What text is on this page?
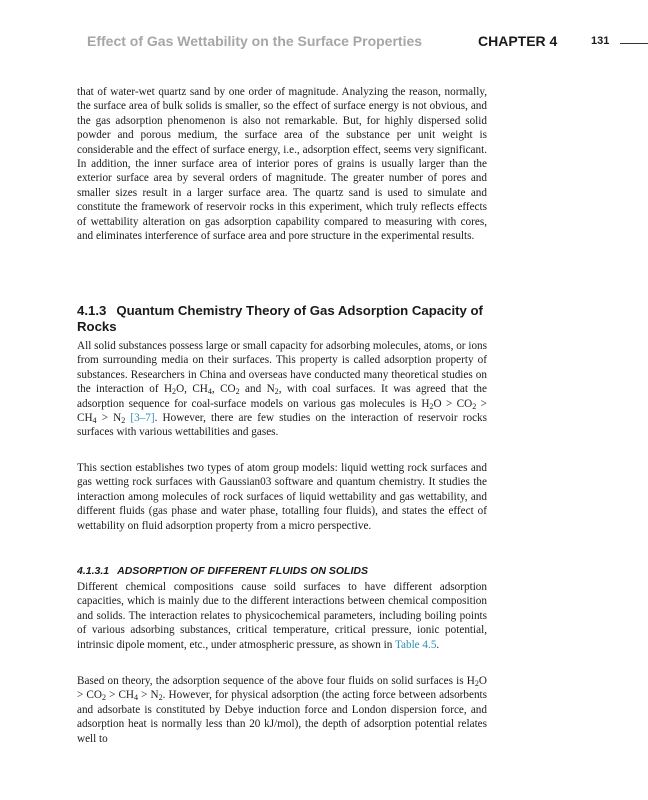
Effect of Gas Wettability on the Surface Properties	CHAPTER 4	131

that of water-wet quartz sand by one order of magnitude. Analyzing the reason, normally, the surface area of bulk solids is smaller, so the effect of surface energy is not obvious, and the gas adsorption phenomenon is also not remarkable. But, for highly dispersed solid powder and porous medium, the surface area of the substance per unit weight is considerable and the effect of surface energy, i.e., adsorption effect, seems very significant. In addition, the inner surface area of interior pores of grains is usually larger than the exterior surface area by several orders of magnitude. The greater number of pores and smaller sizes result in a larger surface area. The quartz sand is used to simulate and constitute the framework of reservoir rocks in this experiment, which truly reflects effects of wettability alteration on gas adsorption capability compared to measuring with cores, and eliminates interference of surface area and pore structure in the experimental results.

4.1.3 Quantum Chemistry Theory of Gas Adsorption Capacity of Rocks

All solid substances possess large or small capacity for adsorbing molecules, atoms, or ions from surrounding media on their surfaces. This property is called adsorption property of substances. Researchers in China and overseas have conducted many theoretical studies on the interaction of $H_2O$, $CH_4$, $CO_2$ and $N_2$, with coal surfaces. It was agreed that the adsorption sequence for coal-surface models on various gas molecules is $H_2O > CO_2 > CH_4 > N_2$ [3–7]. However, there are few studies on the interaction of reservoir rocks surfaces with various wettabilities and gases.

This section establishes two types of atom group models: liquid wetting rock surfaces and gas wetting rock surfaces with Gaussian03 software and quantum chemistry. It studies the interaction among molecules of rock surfaces of liquid wettability and gas wettability, and different fluids (gas phase and water phase, totalling four fluids), and states the effect of wettability on fluid adsorption property from a micro perspective.

4.1.3.1 ADSORPTION OF DIFFERENT FLUIDS ON SOLIDS

Different chemical compositions cause soild surfaces to have different adsorption capacities, which is mainly due to the different interactions between chemical composition and solids. The interaction relates to physicochemical parameters, including boiling points of various adsorbing substances, critical temperature, critical pressure, ionic potential, intrinsic dipole moment, etc., under atmospheric pressure, as shown in Table 4.5.

Based on theory, the adsorption sequence of the above four fluids on solid surfaces is $H_2O > CO_2 > CH_4 > N_2$. However, for physical adsorption (the acting force between adsorbents and adsorbate is constituted by Debye induction force and London dispersion force, and adsorption heat is normally less than 20 kJ/mol), the depth of adsorption potential relates well to
